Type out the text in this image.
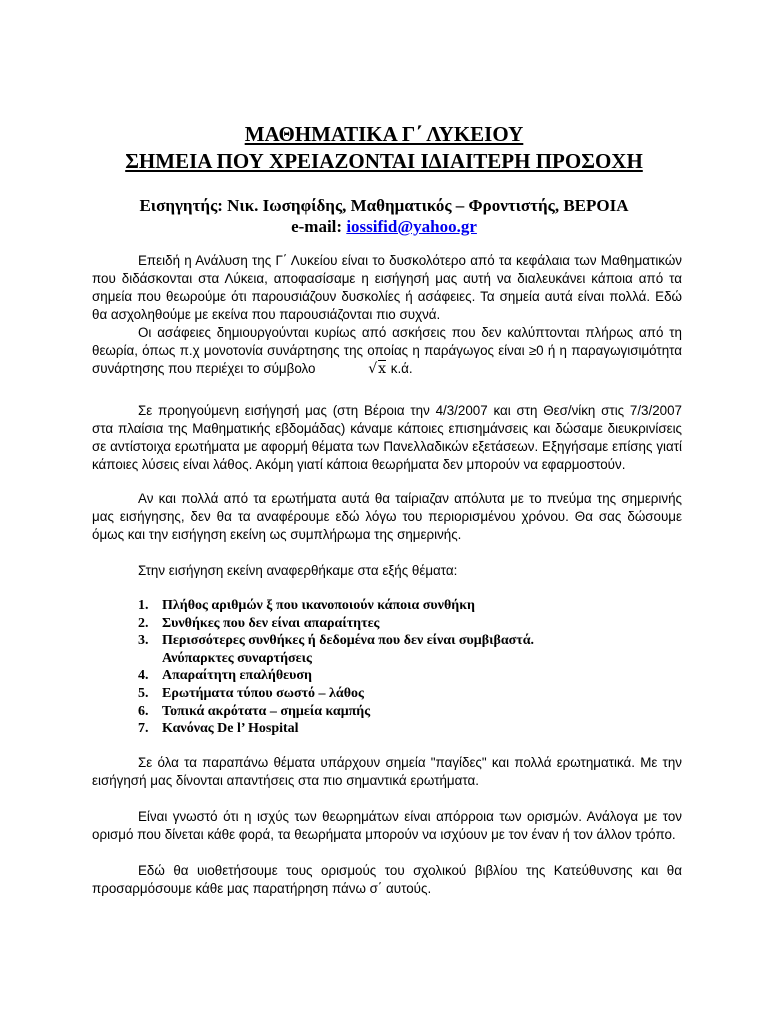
ΜΑΘΗΜΑΤΙΚΑ Γ΄ ΛΥΚΕΙΟΥ
ΣΗΜΕΙΑ ΠΟΥ ΧΡΕΙΑΖΟΝΤΑΙ ΙΔΙΑΙΤΕΡΗ ΠΡΟΣΟΧΗ
Εισηγητής: Νικ. Ιωσηφίδης, Μαθηματικός – Φροντιστής, ΒΕΡΟΙΑ
e-mail: iossifid@yahoo.gr

Επειδή η Ανάλυση της Γ΄ Λυκείου είναι το δυσκολότερο από τα κεφάλαια των Μαθηματικών που διδάσκονται στα Λύκεια, αποφασίσαμε η εισήγησή μας αυτή να διαλευκάνει κάποια από τα σημεία που θεωρούμε ότι παρουσιάζουν δυσκολίες ή ασάφειες. Τα σημεία αυτά είναι πολλά. Εδώ θα ασχοληθούμε με εκείνα που παρουσιάζονται πιο συχνά.

Οι ασάφειες δημιουργούνται κυρίως από ασκήσεις που δεν καλύπτονται πλήρως από τη θεωρία, όπως π.χ μονοτονία συνάρτησης της οποίας η παράγωγος είναι ≥0 ή η παραγωγισιμότητα συνάρτησης που περιέχει το σύμβολο	√x κ.ά.

Σε προηγούμενη εισήγησή μας (στη Βέροια την 4/3/2007 και στη Θεσ/νίκη στις 7/3/2007 στα πλαίσια της Μαθηματικής εβδομάδας) κάναμε κάποιες επισημάνσεις και δώσαμε διευκρινίσεις σε αντίστοιχα ερωτήματα με αφορμή θέματα των Πανελλαδικών εξετάσεων. Εξηγήσαμε επίσης γιατί κάποιες λύσεις είναι λάθος. Ακόμη γιατί κάποια θεωρήματα δεν μπορούν να εφαρμοστούν.

Αν και πολλά από τα ερωτήματα αυτά θα ταίριαζαν απόλυτα με το πνεύμα της σημερινής μας εισήγησης, δεν θα τα αναφέρουμε εδώ λόγω του περιορισμένου χρόνου. Θα σας δώσουμε όμως και την εισήγηση εκείνη ως συμπλήρωμα της σημερινής.

Στην εισήγηση εκείνη αναφερθήκαμε στα εξής θέματα:

1. Πλήθος αριθμών ξ που ικανοποιούν κάποια συνθήκη
2. Συνθήκες που δεν είναι απαραίτητες
3. Περισσότερες συνθήκες ή δεδομένα που δεν είναι συμβιβαστά. Ανύπαρκτες συναρτήσεις
4. Απαραίτητη επαλήθευση
5. Ερωτήματα τύπου σωστό – λάθος
6. Τοπικά ακρότατα – σημεία καμπής
7. Κανόνας De l’ Hospital

Σε όλα τα παραπάνω θέματα υπάρχουν σημεία "παγίδες" και πολλά ερωτηματικά. Με την εισήγησή μας δίνονται απαντήσεις στα πιο σημαντικά ερωτήματα.

Είναι γνωστό ότι η ισχύς των θεωρημάτων είναι απόρροια των ορισμών. Ανάλογα με τον ορισμό που δίνεται κάθε φορά, τα θεωρήματα μπορούν να ισχύουν με τον έναν ή τον άλλον τρόπο.

Εδώ θα υιοθετήσουμε τους ορισμούς του σχολικού βιβλίου της Κατεύθυνσης και θα προσαρμόσουμε κάθε μας παρατήρηση πάνω σ΄ αυτούς.
